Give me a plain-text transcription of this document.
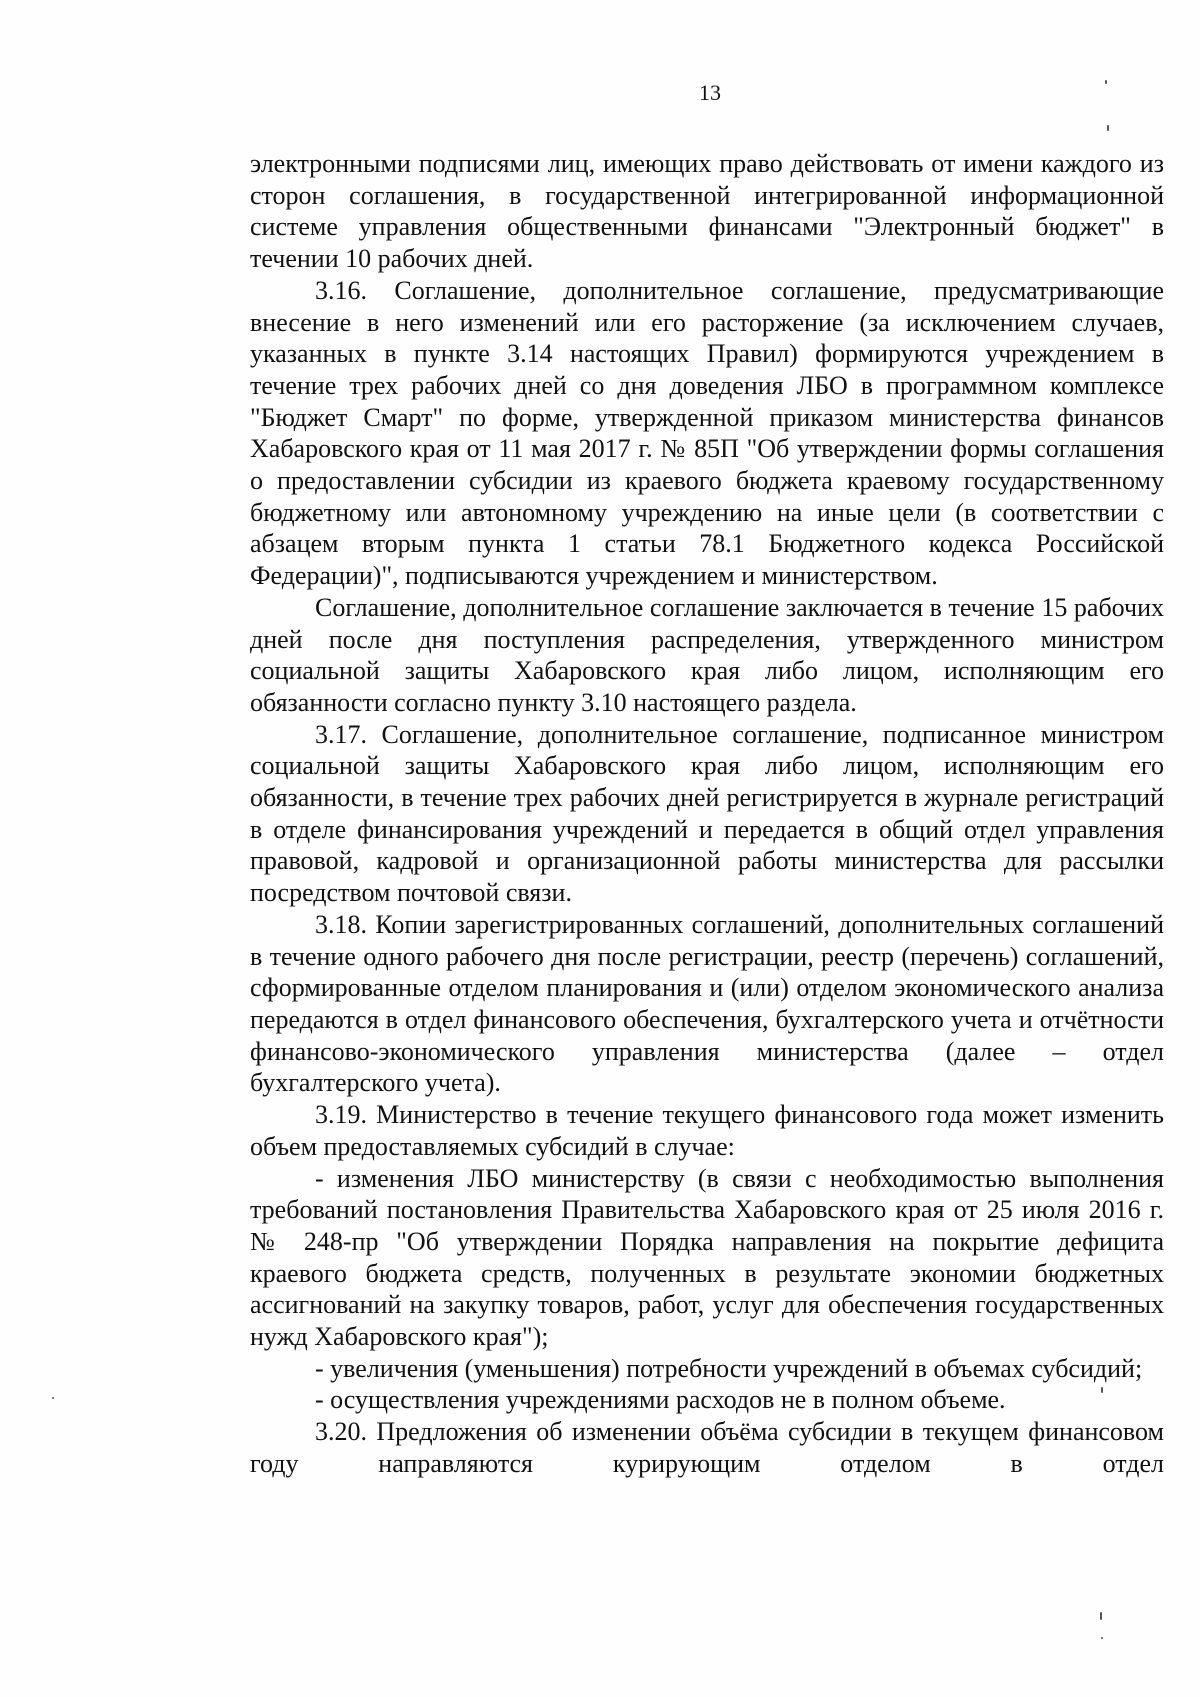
13

электронными подписями лиц, имеющих право действовать от имени каждого из сторон соглашения, в государственной интегрированной информационной системе управления общественными финансами "Электронный бюджет" в течении 10 рабочих дней.

3.16. Соглашение, дополнительное соглашение, предусматривающие внесение в него изменений или его расторжение (за исключением случаев, указанных в пункте 3.14 настоящих Правил) формируются учреждением в течение трех рабочих дней со дня доведения ЛБО в программном комплексе "Бюджет Смарт" по форме, утвержденной приказом министерства финансов Хабаровского края от 11 мая 2017 г. № 85П "Об утверждении формы соглашения о предоставлении субсидии из краевого бюджета краевому государственному бюджетному или автономному учреждению на иные цели (в соответствии с абзацем вторым пункта 1 статьи 78.1 Бюджетного кодекса Российской Федерации)", подписываются учреждением и министерством.

Соглашение, дополнительное соглашение заключается в течение 15 рабочих дней после дня поступления распределения, утвержденного министром социальной защиты Хабаровского края либо лицом, исполняющим его обязанности согласно пункту 3.10 настоящего раздела.

3.17. Соглашение, дополнительное соглашение, подписанное министром социальной защиты Хабаровского края либо лицом, исполняющим его обязанности, в течение трех рабочих дней регистрируется в журнале регистраций в отделе финансирования учреждений и передается в общий отдел управления правовой, кадровой и организационной работы министерства для рассылки посредством почтовой связи.

3.18. Копии зарегистрированных соглашений, дополнительных соглашений в течение одного рабочего дня после регистрации, реестр (перечень) соглашений, сформированные отделом планирования и (или) отделом экономического анализа передаются в отдел финансового обеспечения, бухгалтерского учета и отчётности финансово-экономического управления министерства (далее – отдел бухгалтерского учета).

3.19. Министерство в течение текущего финансового года может изменить объем предоставляемых субсидий в случае:

- изменения ЛБО министерству (в связи с необходимостью выполнения требований постановления Правительства Хабаровского края от 25 июля 2016 г. № 248-пр "Об утверждении Порядка направления на покрытие дефицита краевого бюджета средств, полученных в результате экономии бюджетных ассигнований на закупку товаров, работ, услуг для обеспечения государственных нужд Хабаровского края");

- увеличения (уменьшения) потребности учреждений в объемах субсидий;

- осуществления учреждениями расходов не в полном объеме.

3.20. Предложения об изменении объёма субсидии в текущем финансовом году направляются курирующим отделом в отдел
